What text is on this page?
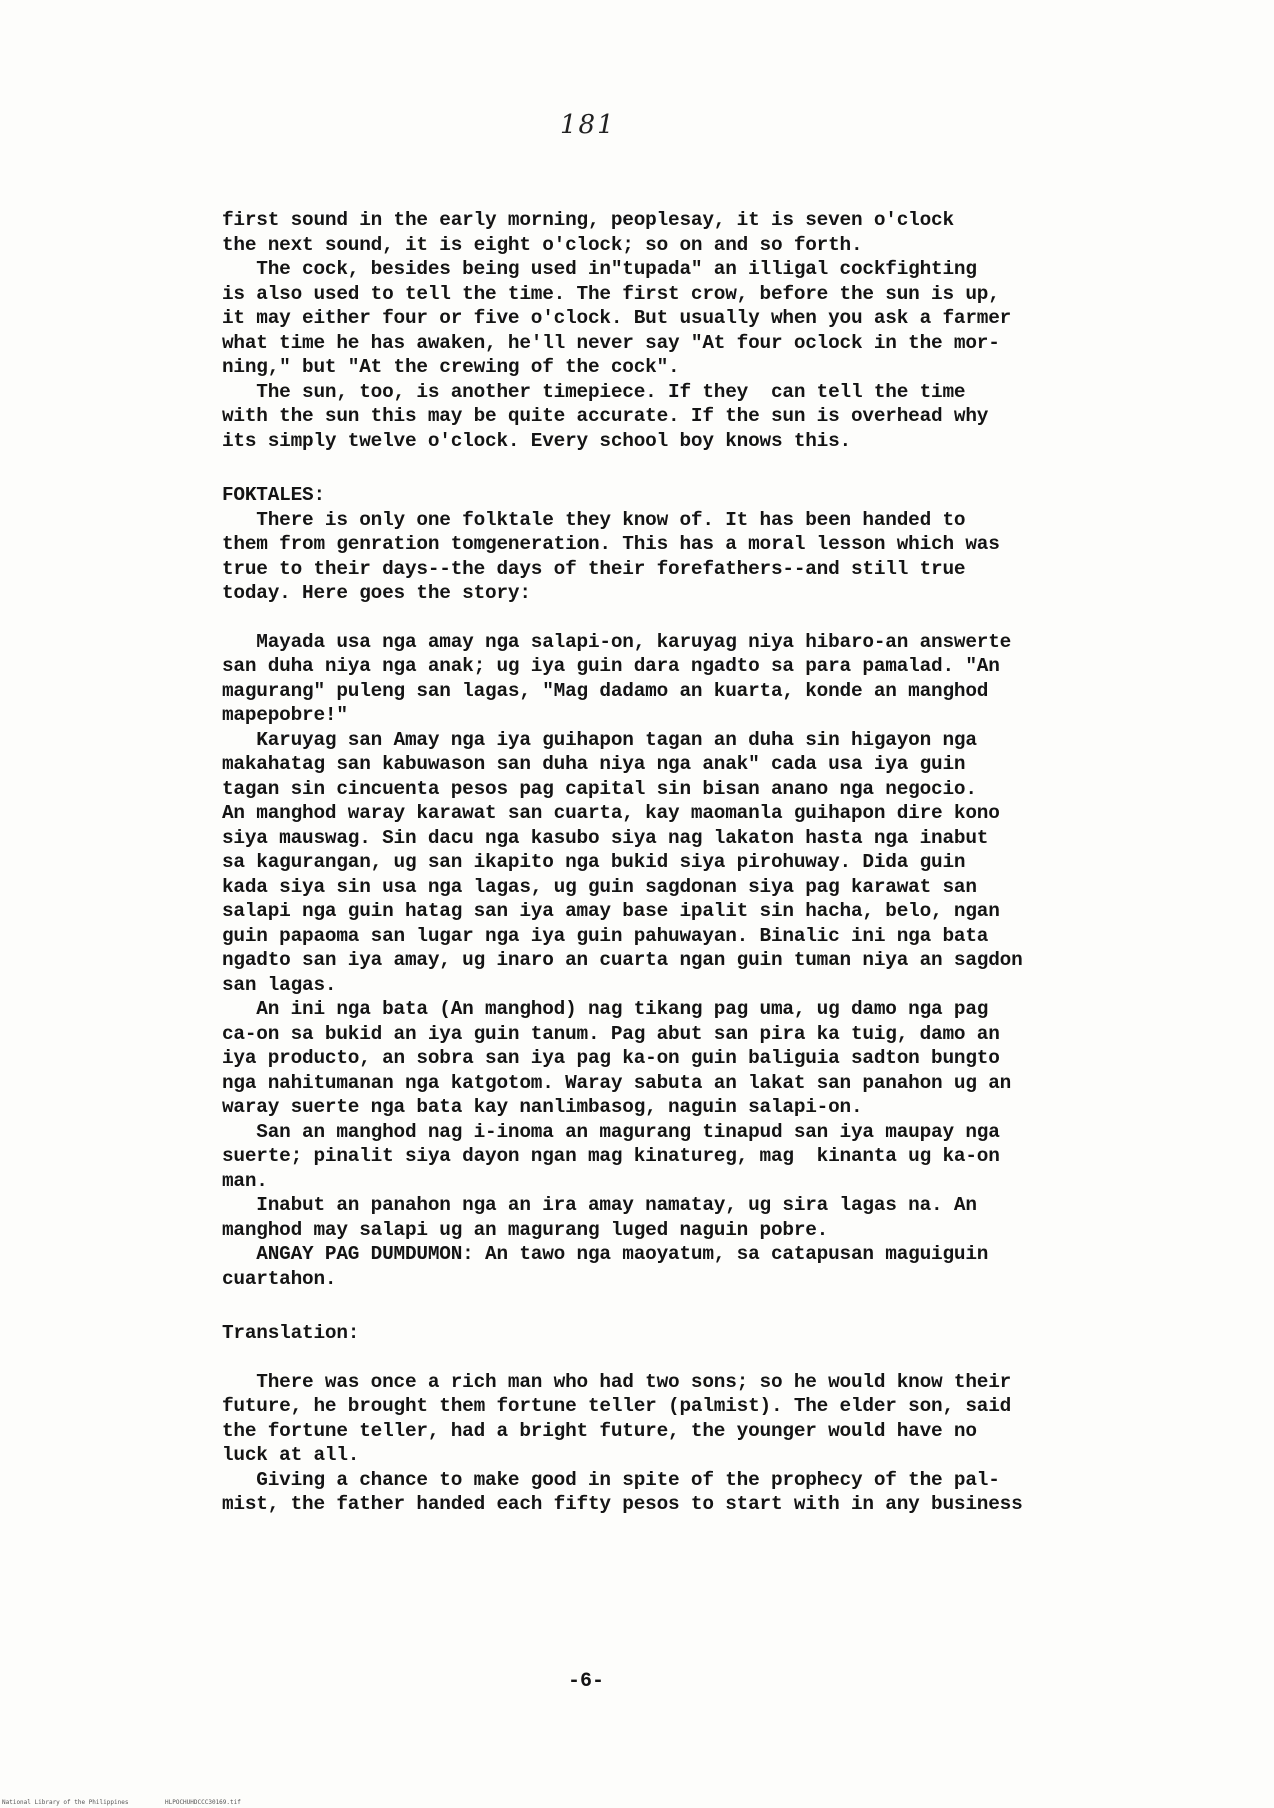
181
first sound in the early morning, peoplesay, it is seven o'clock
the next sound, it is eight o'clock; so on and so forth.
The cock, besides being used in"tupada" an illigal cockfighting
is also used to tell the time. The first crow, before the sun is up,
it may either four or five o'clock. But usually when you ask a farmer
what time he has awaken, he'll never say "At four oclock in the mor-
ning," but "At the crewing of the cock".
The sun, too, is another timepiece. If they  can tell the time
with the sun this may be quite accurate. If the sun is overhead why
its simply twelve o'clock. Every school boy knows this.
FOKTALES:
There is only one folktale they know of. It has been handed to
them from genration tomgeneration. This has a moral lesson which was
true to their days--the days of their forefathers--and still true
today. Here goes the story:
Mayada usa nga amay nga salapi-on, karuyag niya hibaro-an answerte
san duha niya nga anak; ug iya guin dara ngadto sa para pamalad. "An
magurang" puleng san lagas, "Mag dadamo an kuarta, konde an manghod
mapepobre!"
Karuyag san Amay nga iya guihapon tagan an duha sin higayon nga
makahatag san kabuwason san duha niya nga anak" cada usa iya guin
tagan sin cincuenta pesos pag capital sin bisan anano nga negocio.
An manghod waray karawat san cuarta, kay maomanla guihapon dire kono
siya mauswag. Sin dacu nga kasubo siya nag lakaton hasta nga inabut
sa kagurangan, ug san ikapito nga bukid siya pirohuway. Dida guin
kada siya sin usa nga lagas, ug guin sagdonan siya pag karawat san
salapi nga guin hatag san iya amay base ipalit sin hacha, belo, ngan
guin papaoma san lugar nga iya guin pahuwayan. Binalic ini nga bata
ngadto san iya amay, ug inaro an cuarta ngan guin tuman niya an sagdon
san lagas.
An ini nga bata (An manghod) nag tikang pag uma, ug damo nga pag
ca-on sa bukid an iya guin tanum. Pag abut san pira ka tuig, damo an
iya producto, an sobra san iya pag ka-on guin baliguia sadton bungto
nga nahitumanan nga katgotom. Waray sabuta an lakat san panahon ug an
waray suerte nga bata kay nanlimbasog, naguin salapi-on.
San an manghod nag i-inoma an magurang tinapud san iya maupay nga
suerte; pinalit siya dayon ngan mag kinatureg, mag  kinanta ug ka-on
man.
Inabut an panahon nga an ira amay namatay, ug sira lagas na. An
manghod may salapi ug an magurang luged naguin pobre.
ANGAY PAG DUMDUMON: An tawo nga maoyatum, sa catapusan maguiguin
cuartahon.
Translation:
There was once a rich man who had two sons; so he would know their
future, he brought them fortune teller (palmist). The elder son, said
the fortune teller, had a bright future, the younger would have no
luck at all.
Giving a chance to make good in spite of the prophecy of the pal-
mist, the father handed each fifty pesos to start with in any business
-6-
National Library of the Philippines	HLPOCHUHDCCC30169.tif
